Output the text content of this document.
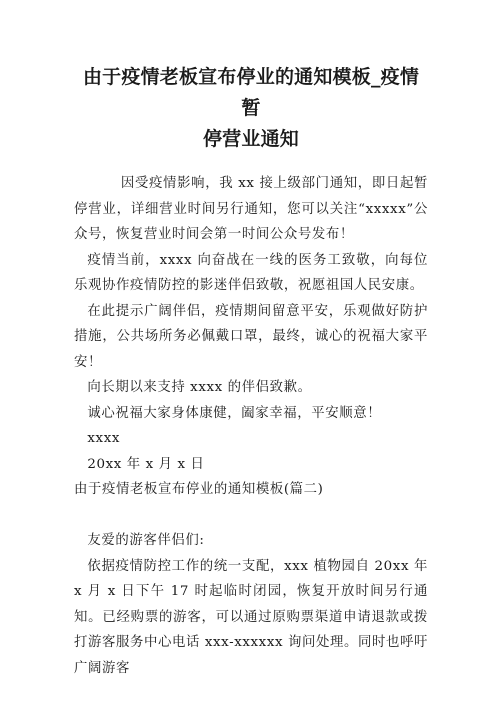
由于疫情老板宣布停业的通知模板_疫情暂
停营业通知

因受疫情影响，我 xx 接上级部门通知，即日起暂停营业，详细营业时间另行通知，您可以关注“xxxxx”公众号，恢复营业时间会第一时间公众号发布！

疫情当前，xxxx 向奋战在一线的医务工致敬，向每位乐观协作疫情防控的影迷伴侣致敬，祝愿祖国人民安康。

在此提示广阔伴侣，疫情期间留意平安，乐观做好防护措施，公共场所务必佩戴口罩，最终，诚心的祝福大家平安！

向长期以来支持 xxxx 的伴侣致歉。

诚心祝福大家身体康健，阖家幸福，平安顺意！

xxxx

20xx 年 x 月 x 日

由于疫情老板宣布停业的通知模板(篇二)

友爱的游客伴侣们:

依据疫情防控工作的统一支配，xxx 植物园自 20xx 年 x 月 x 日下午 17 时起临时闭园，恢复开放时间另行通知。已经购票的游客，可以通过原购票渠道申请退款或拨打游客服务中心电话 xxx-xxxxxx 询问处理。同时也呼吁广阔游客
